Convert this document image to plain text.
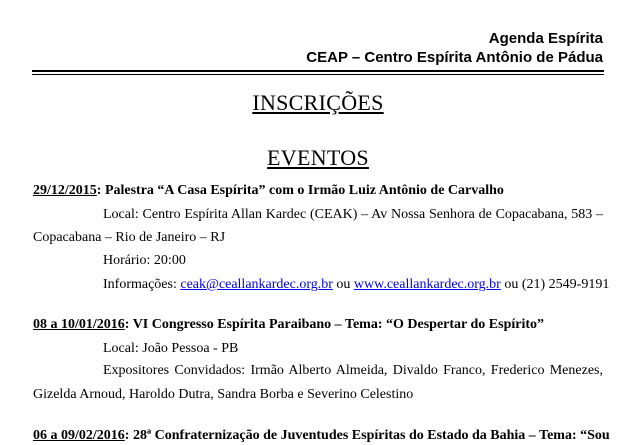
Agenda Espírita
CEAP – Centro Espírita Antônio de Pádua
INSCRIÇÕES
EVENTOS
29/12/2015: Palestra “A Casa Espírita” com o Irmão Luiz Antônio de Carvalho
Local: Centro Espírita Allan Kardec (CEAK) – Av Nossa Senhora de Copacabana, 583 –
Copacabana – Rio de Janeiro – RJ
Horário: 20:00
Informações: ceak@ceallankardec.org.br ou www.ceallankardec.org.br ou (21) 2549-9191
08 a 10/01/2016: VI Congresso Espírita Paraibano – Tema: “O Despertar do Espírito”
Local: João Pessoa - PB
Expositores Convidados: Irmão Alberto Almeida, Divaldo Franco, Frederico Menezes,
Gizelda Arnoud, Haroldo Dutra, Sandra Borba e Severino Celestino
06 a 09/02/2016: 28ª Confraternização de Juventudes Espíritas do Estado da Bahia – Tema: “Sou
